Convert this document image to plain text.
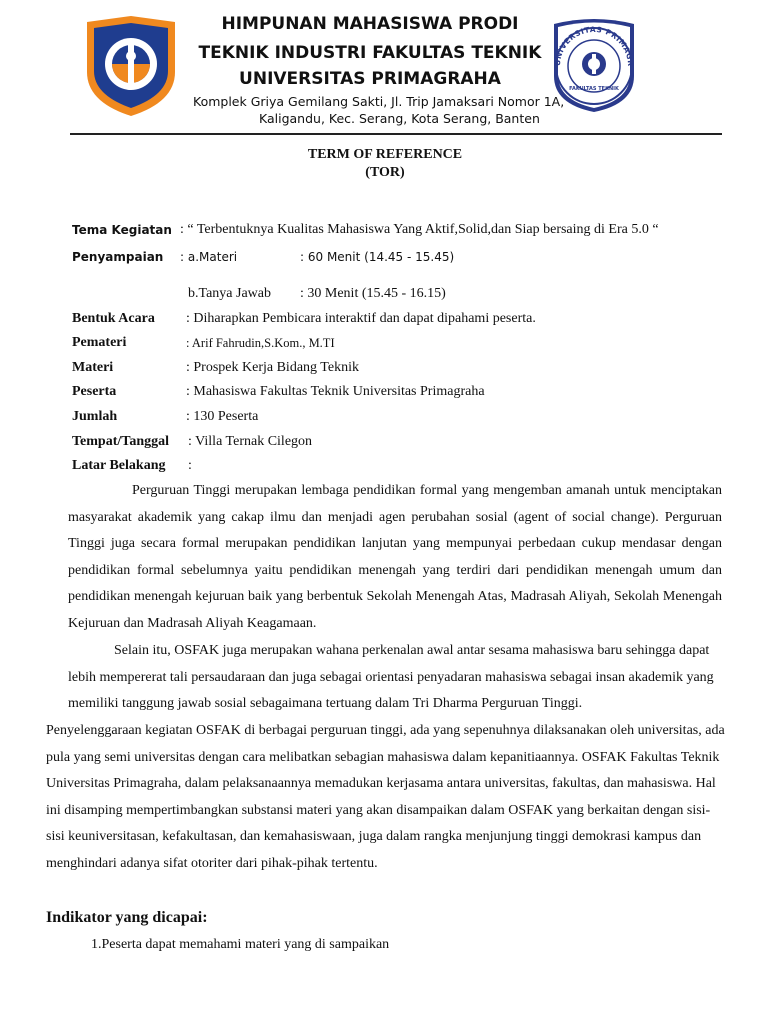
UNIVERSITAS PRIMAGR
FAKULTAS TEKNIK
HIMPUNAN MAHASISWA PRODI
TEKNIK INDUSTRI FAKULTAS TEKNIK
UNIVERSITAS PRIMAGRAHA
Komplek Griya Gemilang Sakti, Jl. Trip Jamaksari Nomor 1A,
Kaligandu, Kec. Serang, Kota Serang, Banten
TERM OF REFERENCE
(TOR)
Tema Kegiatan : “ Terbentuknya Kualitas Mahasiswa Yang Aktif,Solid,dan Siap bersaing di Era 5.0 “
Penyampaian : a.Materi	: 60 Menit (14.45 - 15.45)
b.Tanya Jawab : 30 Menit (15.45 - 16.15)
Bentuk Acara : Diharapkan Pembicara interaktif dan dapat dipahami peserta.
Pemateri	: Arif Fahrudin,S.Kom., M.TI
Materi	: Prospek Kerja Bidang Teknik
Peserta	: Mahasiswa Fakultas Teknik Universitas Primagraha
Jumlah	: 130 Peserta
Tempat/Tanggal : Villa Ternak Cilegon
Latar Belakang :
Perguruan Tinggi merupakan lembaga pendidikan formal yang mengemban amanah untuk menciptakan masyarakat akademik yang cakap ilmu dan menjadi agen perubahan sosial (agent of social change). Perguruan Tinggi juga secara formal merupakan pendidikan lanjutan yang mempunyai perbedaan cukup mendasar dengan pendidikan formal sebelumnya yaitu pendidikan menengah yang terdiri dari pendidikan menengah umum dan pendidikan menengah kejuruan baik yang berbentuk Sekolah Menengah Atas, Madrasah Aliyah, Sekolah Menengah Kejuruan dan Madrasah Aliyah Keagamaan.
Selain itu, OSFAK juga merupakan wahana perkenalan awal antar sesama mahasiswa baru sehingga dapat lebih mempererat tali persaudaraan dan juga sebagai orientasi penyadaran mahasiswa sebagai insan akademik yang memiliki tanggung jawab sosial sebagaimana tertuang dalam Tri Dharma Perguruan Tinggi.
Penyelenggaraan kegiatan OSFAK di berbagai perguruan tinggi, ada yang sepenuhnya dilaksanakan oleh universitas, ada pula yang semi universitas dengan cara melibatkan sebagian mahasiswa dalam kepanitiaannya. OSFAK Fakultas Teknik Universitas Primagraha, dalam pelaksanaannya memadukan kerjasama antara universitas, fakultas, dan mahasiswa. Hal ini disamping mempertimbangkan substansi materi yang akan disampaikan dalam OSFAK yang berkaitan dengan sisi-sisi keuniversitasan, kefakultasan, dan kemahasiswaan, juga dalam rangka menjunjung tinggi demokrasi kampus dan menghindari adanya sifat otoriter dari pihak-pihak tertentu.
Indikator yang dicapai:
1.Peserta dapat memahami materi yang di sampaikan
